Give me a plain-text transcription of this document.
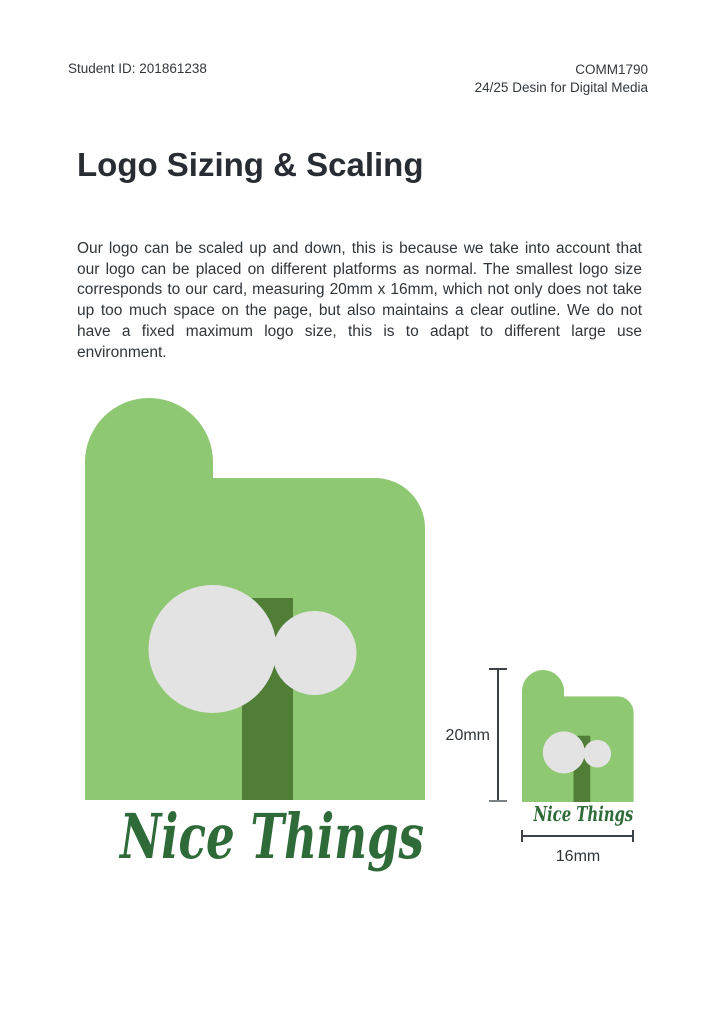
Student ID: 201861238	COMM1790
24/25 Desin for Digital Media
Logo Sizing & Scaling

Our logo can be scaled up and down, this is because we take into account that our logo can be placed on different platforms as normal. The smallest logo size corresponds to our card, measuring 20mm x 16mm, which not only does not take up too much space on the page, but also maintains a clear outline. We do not have a fixed maximum logo size, this is to adapt to different large use environment.

Nice Things Nice Things
20mm
16mm
